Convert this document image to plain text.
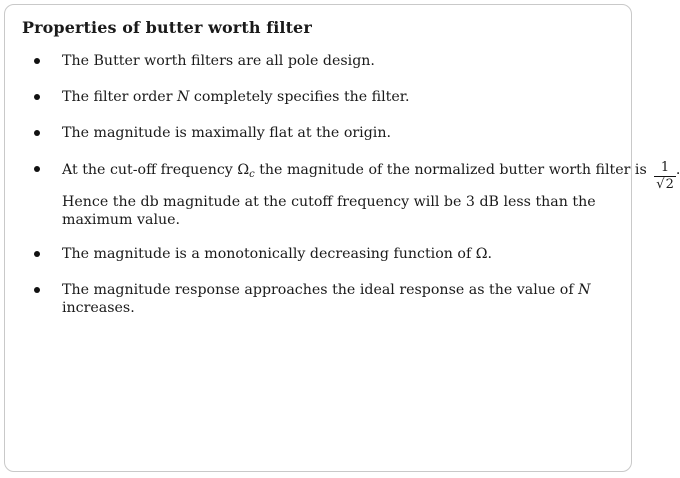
Properties of butter worth filter
The Butter worth filters are all pole design.
The filter order N completely specifies the filter.
The magnitude is maximally flat at the origin.
At the cut-off frequency $\Omega_c$ the magnitude of the normalized butter worth filter is $\frac{1}{√2}$ .
Hence the db magnitude at the cutoff frequency will be 3 dB less than the maximum value.
The magnitude is a monotonically decreasing function of Ω.
The magnitude response approaches the ideal response as the value of N increases.
